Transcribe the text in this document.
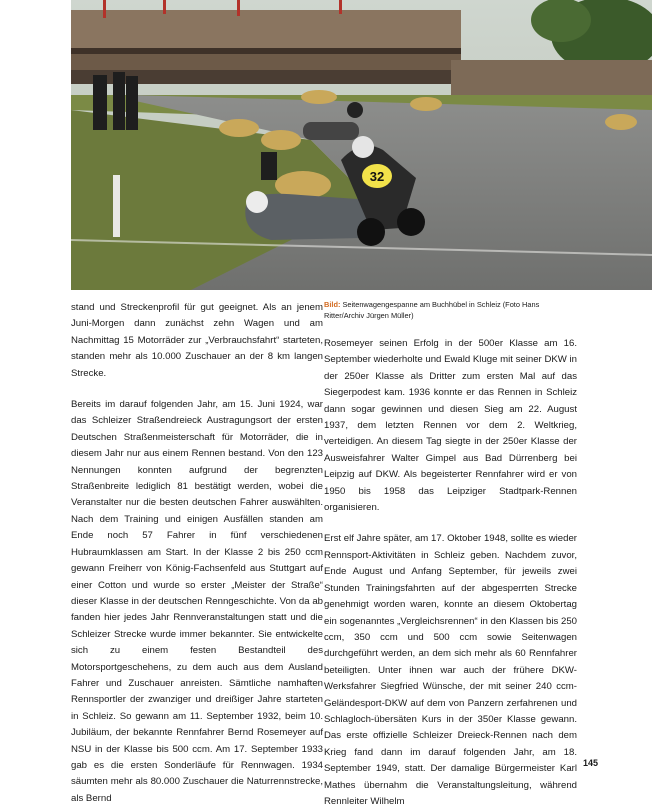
32

stand und Streckenprofil für gut geeignet. Als an jenem Juni-Morgen dann zunächst zehn Wagen und am Nachmittag 15 Motorräder zur „Verbrauchsfahrt“ starteten, standen mehr als 10.000 Zuschauer an der 8 km langen Strecke.

Bereits im darauf folgenden Jahr, am 15. Juni 1924, war das Schleizer Straßendreieck Austragungsort der ersten Deutschen Straßenmeisterschaft für Motorräder, die in diesem Jahr nur aus einem Rennen bestand. Von den 123 Nennungen konnten aufgrund der begrenzten Straßenbreite lediglich 81 bestätigt werden, wobei die Veranstalter nur die besten deutschen Fahrer auswählten. Nach dem Training und einigen Ausfällen standen am Ende noch 57 Fahrer in fünf verschiedenen Hubraumklassen am Start. In der Klasse 2 bis 250 ccm gewann Freiherr von König-Fachsenfeld aus Stuttgart auf einer Cotton und wurde so erster „Meister der Straße“ dieser Klasse in der deutschen Renngeschichte. Von da ab fanden hier jedes Jahr Rennveranstaltungen statt und die Schleizer Strecke wurde immer bekannter. Sie entwickelte sich zu einem festen Bestandteil des Motorsportgeschehens, zu dem auch aus dem Ausland Fahrer und Zuschauer anreisten. Sämtliche namhaften Rennsportler der zwanziger und dreißiger Jahre starteten in Schleiz. So gewann am 11. September 1932, beim 10. Jubiläum, der bekannte Rennfahrer Bernd Rosemeyer auf NSU in der Klasse bis 500 ccm. Am 17. September 1933 gab es die ersten Sonderläufe für Rennwagen. 1934 säumten mehr als 80.000 Zuschauer die Naturrennstrecke, als Bernd

Bild: Seitenwagengespanne am Buchhübel in Schleiz (Foto Hans Ritter/Archiv Jürgen Müller)

Rosemeyer seinen Erfolg in der 500er Klasse am 16. September wiederholte und Ewald Kluge mit seiner DKW in der 250er Klasse als Dritter zum ersten Mal auf das Siegerpodest kam. 1936 konnte er das Rennen in Schleiz dann sogar gewinnen und diesen Sieg am 22. August 1937, dem letzten Rennen vor dem 2. Weltkrieg, verteidigen. An diesem Tag siegte in der 250er Klasse der Ausweisfahrer Walter Gimpel aus Bad Dürrenberg bei Leipzig auf DKW. Als begeisterter Rennfahrer wird er von 1950 bis 1958 das Leipziger Stadtpark-Rennen organisieren.

Erst elf Jahre später, am 17. Oktober 1948, sollte es wieder Rennsport-Aktivitäten in Schleiz geben. Nachdem zuvor, Ende August und Anfang September, für jeweils zwei Stunden Trainingsfahrten auf der abgesperrten Strecke genehmigt worden waren, konnte an diesem Oktobertag ein sogenanntes „Vergleichsrennen“ in den Klassen bis 250 ccm, 350 ccm und 500 ccm sowie Seitenwagen durchgeführt werden, an dem sich mehr als 60 Rennfahrer beteiligten. Unter ihnen war auch der frühere DKW-Werksfahrer Siegfried Wünsche, der mit seiner 240 ccm-Geländesport-DKW auf dem von Panzern zerfahrenen und Schlagloch-übersäten Kurs in der 350er Klasse gewann. Das erste offizielle Schleizer Dreieck-Rennen nach dem Krieg fand dann im darauf folgenden Jahr, am 18. September 1949, statt. Der damalige Bürgermeister Karl Mathes übernahm die Veranstaltungsleitung, während Rennleiter Wilhelm

145
